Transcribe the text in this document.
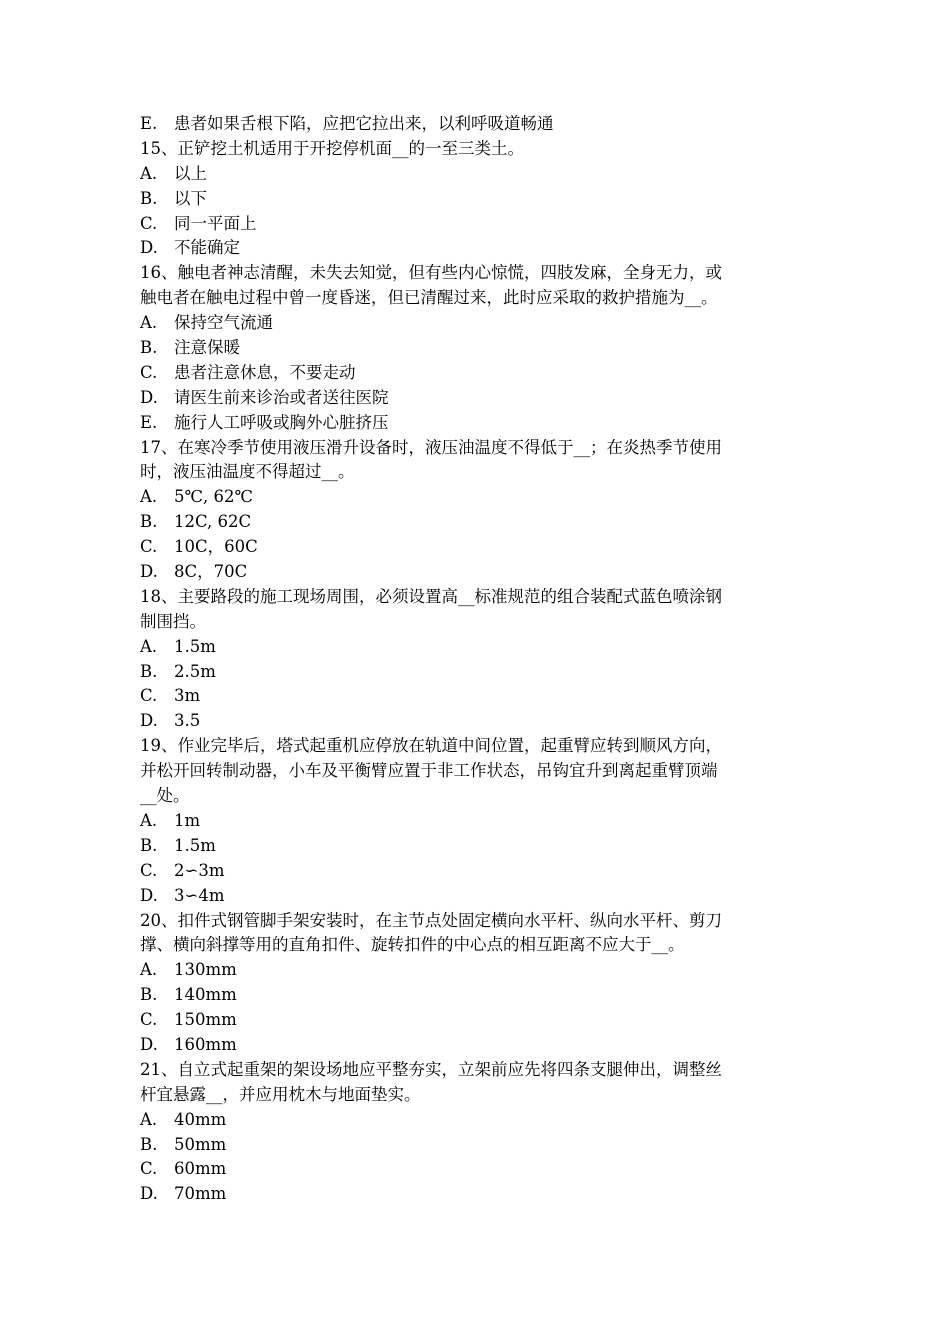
E.	患者如果舌根下陷，应把它拉出来，以利呼吸道畅通
15、正铲挖土机适用于开挖停机面__的一至三类土。
A.	以上
B.	以下
C.	同一平面上
D. 不能确定
16、触电者神志清醒，未失去知觉，但有些内心惊慌，四肢发麻，全身无力，或
触电者在触电过程中曾一度昏迷，但已清醒过来，此时应采取的救护措施为__。
A.	保持空气流通
B.	注意保暖
C.	患者注意休息，不要走动
D. 请医生前来诊治或者送往医院
E.	施行人工呼吸或胸外心脏挤压
17、在寒冷季节使用液压滑升设备时，液压油温度不得低于__；在炎热季节使用
时，液压油温度不得超过__。
A.	5℃, 62℃
B.	12C, 62C
C.	10C，60C
D. 8C，70C
18、主要路段的施工现场周围，必须设置高__标准规范的组合装配式蓝色喷涂钢
制围挡。
A.	1.5m
B.	2.5m
C.	3m
D. 3.5
19、作业完毕后，塔式起重机应停放在轨道中间位置，起重臂应转到顺风方向，
并松开回转制动器，小车及平衡臂应置于非工作状态，吊钩宜升到离起重臂顶端
__处。
A.	1m
B.	1.5m
C.	2∽3m
D. 3∽4m
20、扣件式钢管脚手架安装时，在主节点处固定横向水平杆、纵向水平杆、剪刀
撑、横向斜撑等用的直角扣件、旋转扣件的中心点的相互距离不应大于__。
A.	130mm
B.	140mm
C.	150mm
D. 160mm
21、自立式起重架的架设场地应平整夯实，立架前应先将四条支腿伸出，调整丝
杆宜悬露__，并应用枕木与地面垫实。
A.	40mm
B.	50mm
C.	60mm
D. 70mm
